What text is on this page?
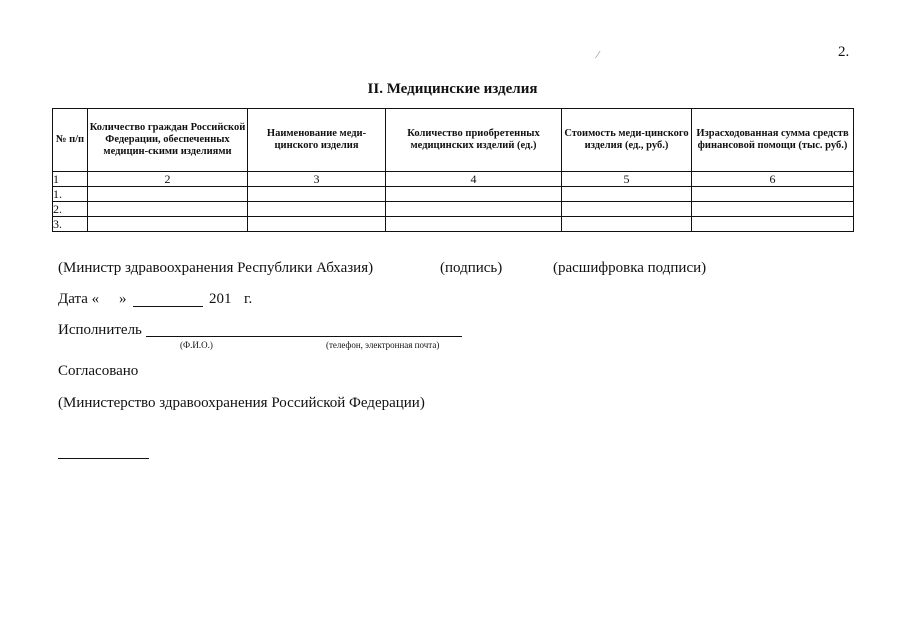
2.
⁄
II. Медицинские изделия
№ п/п	Количество граждан Российской Федерации, обеспеченных медицин-скими изделиями	Наименование меди-цинского изделия	Количество приобретенных медицинских изделий (ед.)	Стоимость меди-цинского изделия (ед., руб.)	Израсходованная сумма средств финансовой помощи (тыс. руб.)
1	2	3	4	5	6
1.					
2.					
3.					
(Министр здравоохранения Республики Абхазия)	(подпись)	(расшифровка подписи)
Дата « »	201 г.
Исполнитель
(Ф.И.О.)	(телефон, электронная почта)
Согласовано
(Министерство здравоохранения Российской Федерации)
